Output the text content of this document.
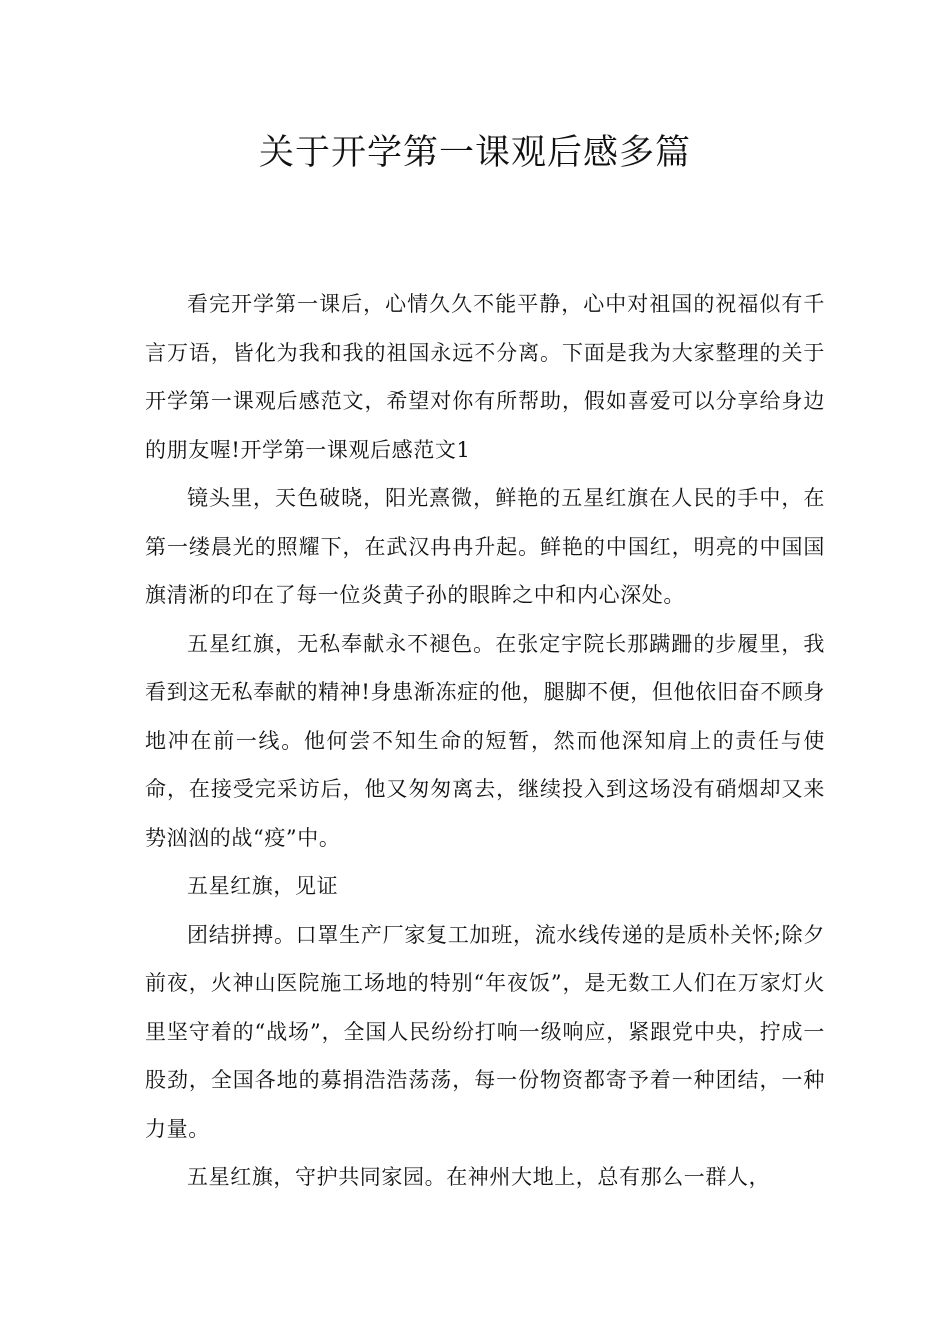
关于开学第一课观后感多篇

看完开学第一课后，心情久久不能平静，心中对祖国的祝福似有千言万语，皆化为我和我的祖国永远不分离。下面是我为大家整理的关于开学第一课观后感范文，希望对你有所帮助，假如喜爱可以分享给身边的朋友喔!开学第一课观后感范文1

镜头里，天色破晓，阳光熹微，鲜艳的五星红旗在人民的手中，在第一缕晨光的照耀下，在武汉冉冉升起。鲜艳的中国红，明亮的中国国旗清淅的印在了每一位炎黄子孙的眼眸之中和内心深处。

五星红旗，无私奉献永不褪色。在张定宇院长那蹒跚的步履里，我看到这无私奉献的精神!身患渐冻症的他，腿脚不便，但他依旧奋不顾身地冲在前一线。他何尝不知生命的短暂，然而他深知肩上的责任与使命，在接受完采访后，他又匆匆离去，继续投入到这场没有硝烟却又来势汹汹的战“疫”中。

五星红旗，见证

团结拼搏。口罩生产厂家复工加班，流水线传递的是质朴关怀;除夕前夜，火神山医院施工场地的特别“年夜饭”，是无数工人们在万家灯火里坚守着的“战场”，全国人民纷纷打响一级响应，紧跟党中央，拧成一股劲，全国各地的募捐浩浩荡荡，每一份物资都寄予着一种团结，一种力量。

五星红旗，守护共同家园。在神州大地上，总有那么一群人，
